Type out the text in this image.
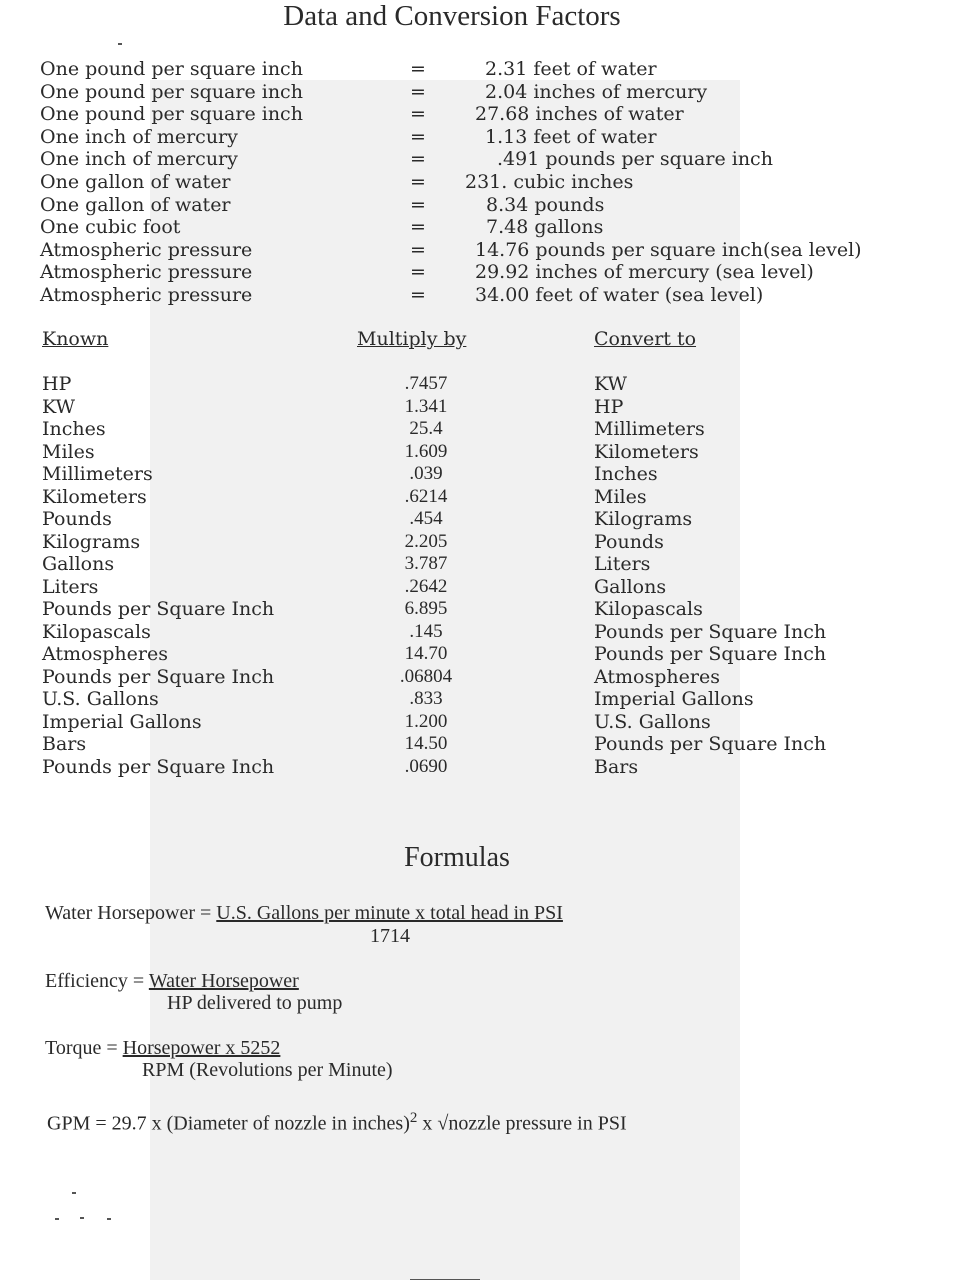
Data and Conversion Factors
One pound per square inch	=	2.31 feet of water
One pound per square inch	=	2.04 inches of mercury
One pound per square inch	=	27.68 inches of water
One inch of mercury	=	1.13 feet of water
One inch of mercury	=	.491 pounds per square inch
One gallon of water	= 231. cubic inches
One gallon of water	=	8.34 pounds
One cubic foot	=	7.48 gallons
Atmospheric pressure	=	14.76 pounds per square inch(sea level)
Atmospheric pressure	=	29.92 inches of mercury (sea level)
Atmospheric pressure	=	34.00 feet of water (sea level)
Known	Multiply by	Convert to
HP	.7457	KW
KW	1.341	HP
Inches	25.4	Millimeters
Miles	1.609	Kilometers
Millimeters	.039	Inches
Kilometers	.6214	Miles
Pounds	.454	Kilograms
Kilograms	2.205	Pounds
Gallons	3.787	Liters
Liters	.2642	Gallons
Pounds per Square Inch	6.895	Kilopascals
Kilopascals	.145	Pounds per Square Inch
Atmospheres	14.70	Pounds per Square Inch
Pounds per Square Inch	.06804	Atmospheres
U.S. Gallons	.833	Imperial Gallons
Imperial Gallons	1.200	U.S. Gallons
Bars	14.50	Pounds per Square Inch
Pounds per Square Inch	.0690	Bars
Formulas
Water Horsepower = U.S. Gallons per minute x total head in PSI
1714
Efficiency = Water Horsepower
HP delivered to pump
Torque = Horsepower x 5252
RPM (Revolutions per Minute)
GPM = 29.7 x (Diameter of nozzle in inches)$^2$ x √nozzle pressure in PSI
